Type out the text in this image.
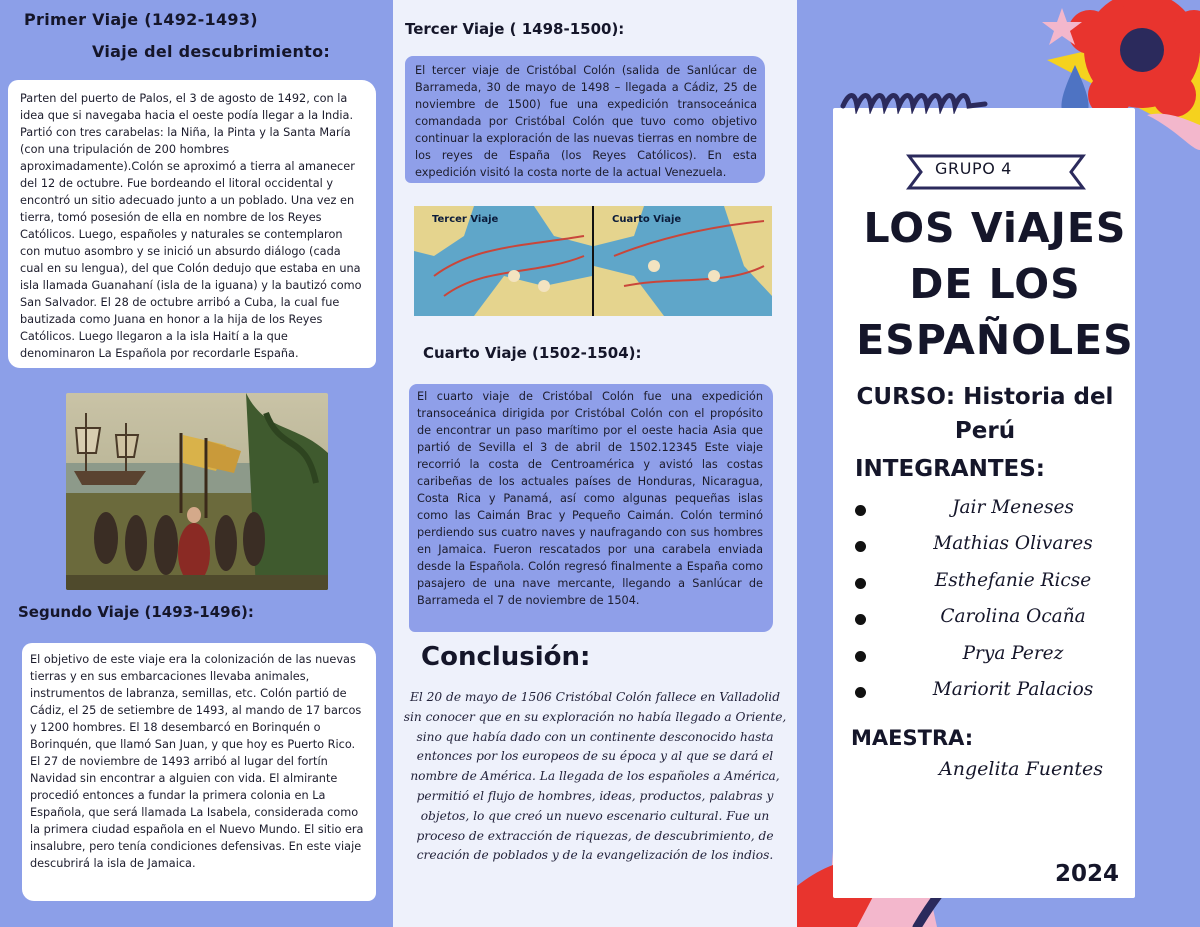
Primer Viaje (1492-1493)
Viaje del descubrimiento:

Parten del puerto de Palos, el 3 de agosto de 1492, con la idea que si navegaba hacia el oeste podía llegar a la India. Partió con tres carabelas: la Niña, la Pinta y la Santa María (con una tripulación de 200 hombres aproximadamente).Colón se aproximó a tierra al amanecer del 12 de octubre. Fue bordeando el litoral occidental y encontró un sitio adecuado junto a un poblado. Una vez en tierra, tomó posesión de ella en nombre de los Reyes Católicos. Luego, españoles y naturales se contemplaron con mutuo asombro y se inició un absurdo diálogo (cada cual en su lengua), del que Colón dedujo que estaba en una isla llamada Guanahaní (isla de la iguana) y la bautizó como San Salvador. El 28 de octubre arribó a Cuba, la cual fue bautizada como Juana en honor a la hija de los Reyes Católicos. Luego llegaron a la isla Haití a la que denominaron La Española por recordarle España.

Segundo Viaje (1493-1496):

El objetivo de este viaje era la colonización de las nuevas tierras y en sus embarcaciones llevaba animales, instrumentos de labranza, semillas, etc. Colón partió de Cádiz, el 25 de setiembre de 1493, al mando de 17 barcos y 1200 hombres. El 18 desembarcó en Borinquén o Borinquén, que llamó San Juan, y que hoy es Puerto Rico. El 27 de noviembre de 1493 arribó al lugar del fortín Navidad sin encontrar a alguien con vida. El almirante procedió entonces a fundar la primera colonia en La Española, que será llamada La Isabela, considerada como la primera ciudad española en el Nuevo Mundo. El sitio era insalubre, pero tenía condiciones defensivas. En este viaje descubrirá la isla de Jamaica.

Tercer Viaje ( 1498-1500):

El tercer viaje de Cristóbal Colón (salida de Sanlúcar de Barrameda, 30 de mayo de 1498 – llegada a Cádiz, 25 de noviembre de 1500) fue una expedición transoceánica comandada por Cristóbal Colón que tuvo como objetivo continuar la exploración de las nuevas tierras en nombre de los reyes de España (los Reyes Católicos). En esta expedición visitó la costa norte de la actual Venezuela.

Tercer Viaje	Cuarto Viaje
Cuarto Viaje (1502-1504):

El cuarto viaje de Cristóbal Colón fue una expedición transoceánica dirigida por Cristóbal Colón con el propósito de encontrar un paso marítimo por el oeste hacia Asia que partió de Sevilla el 3 de abril de 1502.12345 Este viaje recorrió la costa de Centroamérica y avistó las costas caribeñas de los actuales países de Honduras, Nicaragua, Costa Rica y Panamá, así como algunas pequeñas islas como las Caimán Brac y Pequeño Caimán. Colón terminó perdiendo sus cuatro naves y naufragando con sus hombres en Jamaica. Fueron rescatados por una carabela enviada desde la Española. Colón regresó finalmente a España como pasajero de una nave mercante, llegando a Sanlúcar de Barrameda el 7 de noviembre de 1504.

Conclusión:

El 20 de mayo de 1506 Cristóbal Colón fallece en Valladolid sin conocer que en su exploración no había llegado a Oriente, sino que había dado con un continente desconocido hasta entonces por los europeos de su época y al que se dará el nombre de América. La llegada de los españoles a América, permitió el flujo de hombres, ideas, productos, palabras y objetos, lo que creó un nuevo escenario cultural. Fue un proceso de extracción de riquezas, de descubrimiento, de creación de poblados y de la evangelización de los indios.

GRUPO 4
LOS ViAJES
DE LOS
ESPAÑOLES
CURSO: Historia del Perú
INTEGRANTES:
Jair Meneses
Mathias Olivares
Esthefanie Ricse
Carolina Ocaña
Prya Perez
Mariorit Palacios
MAESTRA:
Angelita Fuentes
2024
